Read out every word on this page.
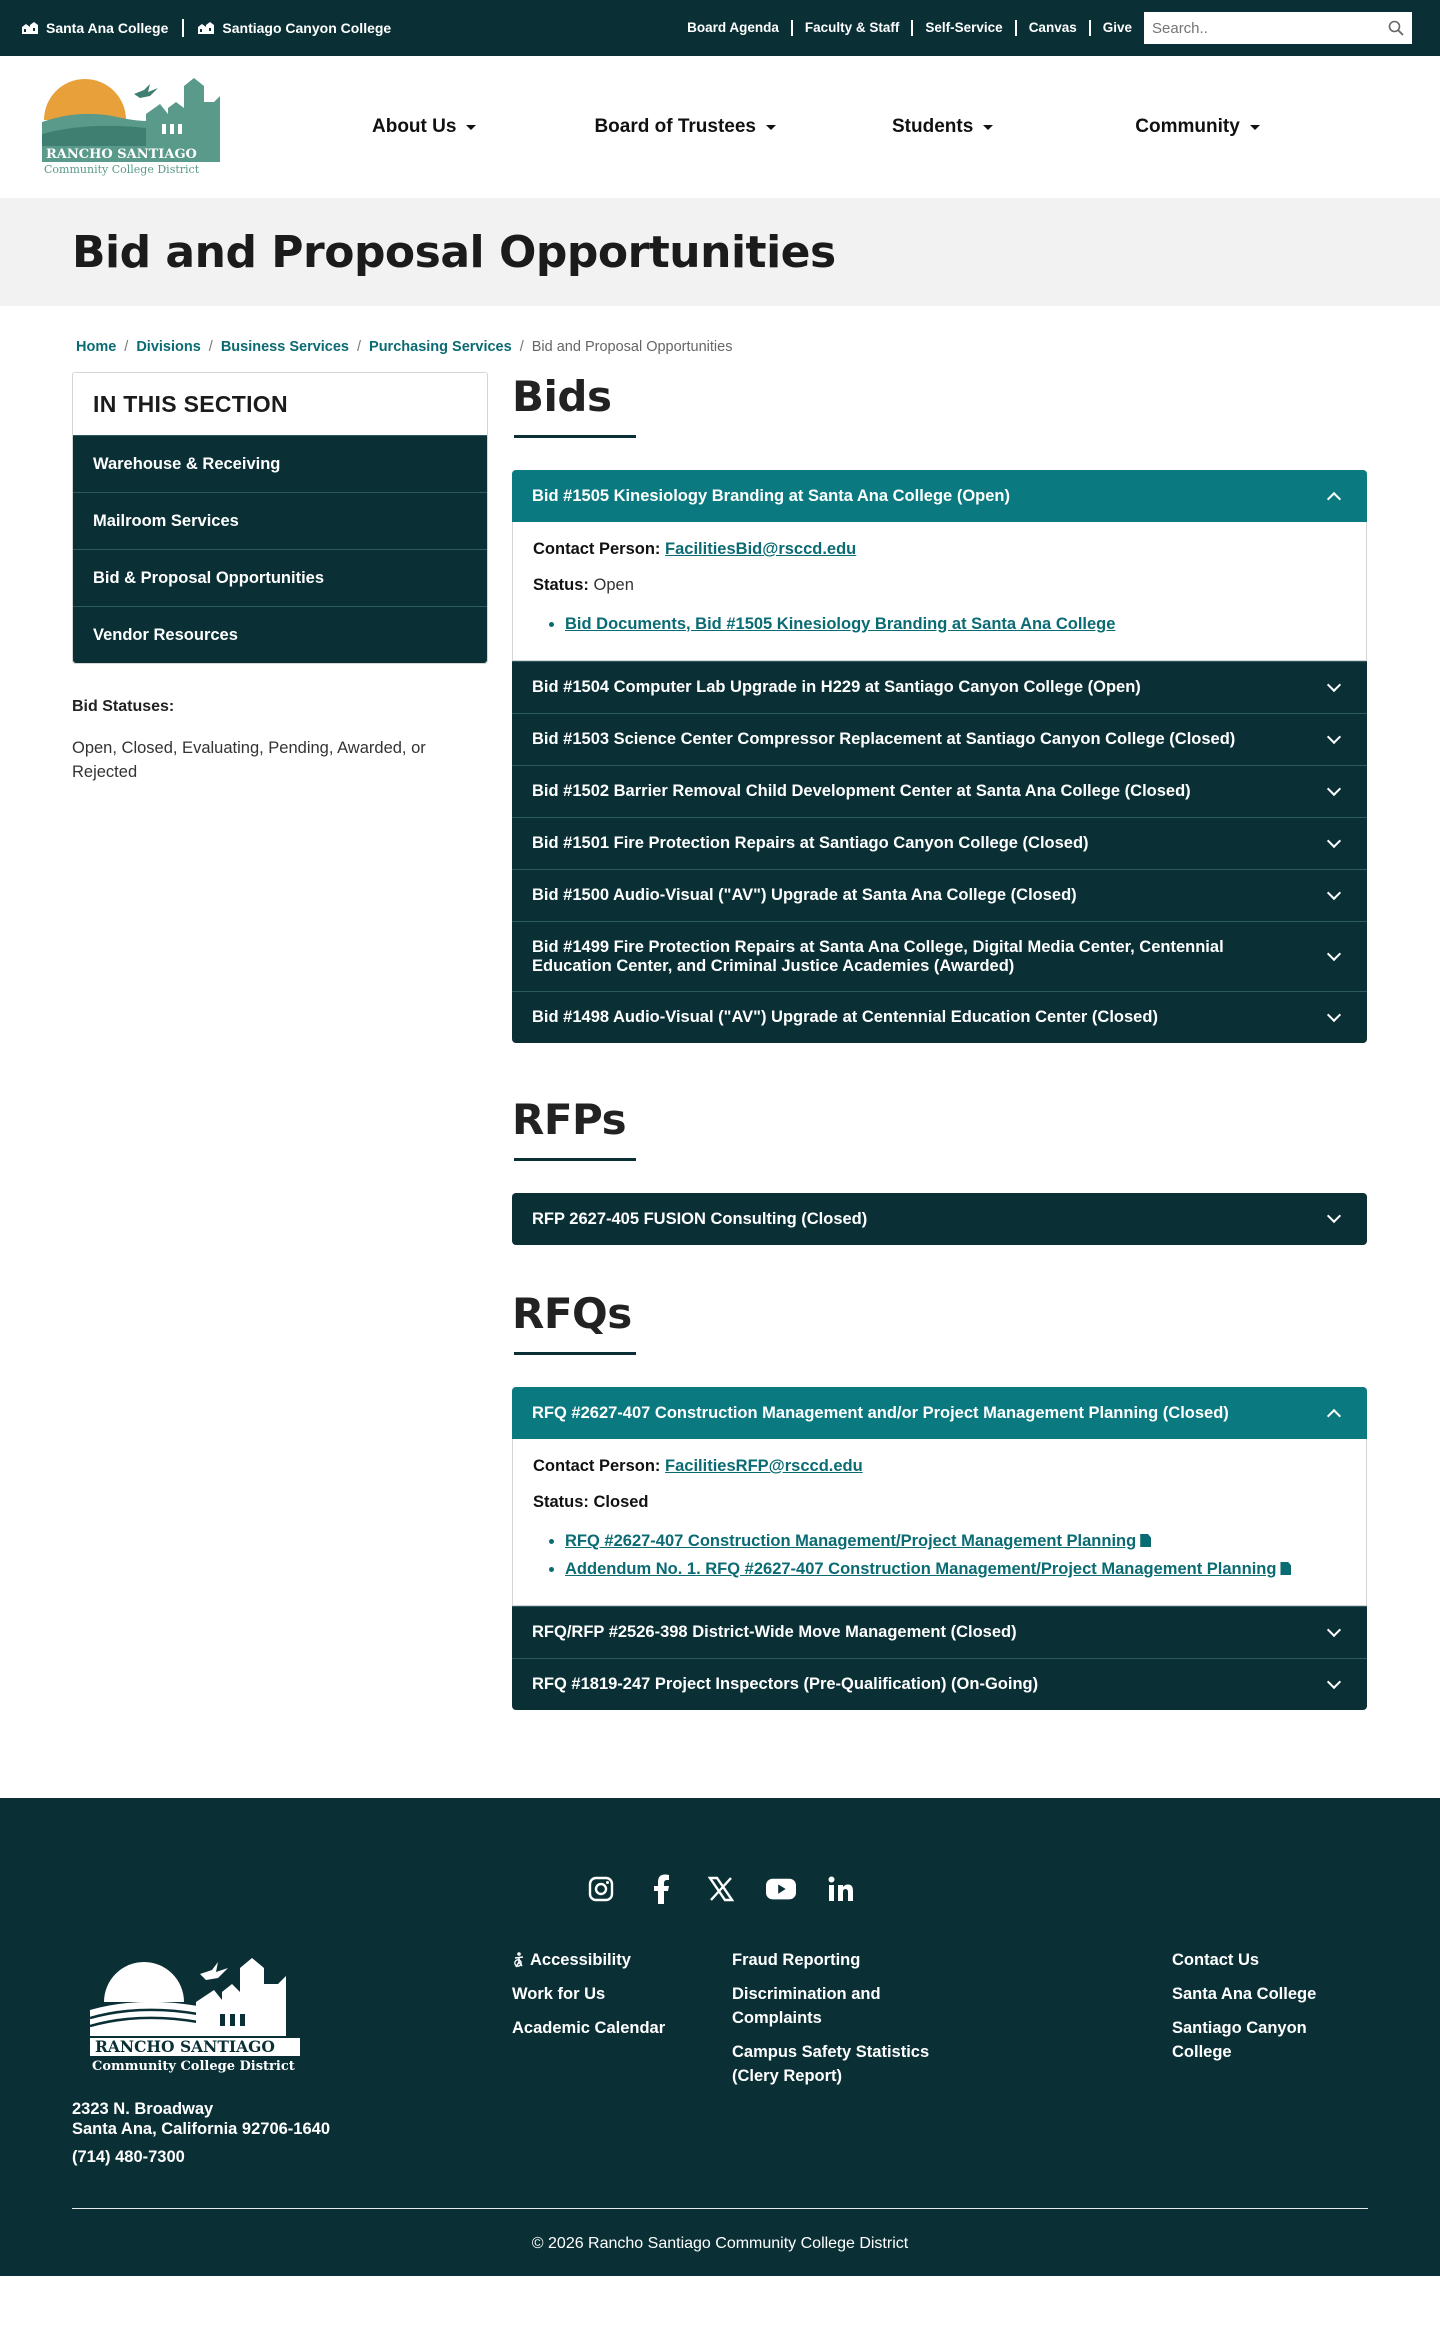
Santa Ana College	Santiago Canyon College	Board Agenda	Faculty & Staff	Self-Service	Canvas	Give
Search..
RANCHO SANTIAGO
Community College District
About Us	Board of Trustees	Students	Community
Bid and Proposal Opportunities
Home / Divisions / Business Services / Purchasing Services / Bid and Proposal Opportunities
IN THIS SECTION
Warehouse & Receiving
Mailroom Services
Bid & Proposal Opportunities
Vendor Resources
Bid Statuses:
Open, Closed, Evaluating, Pending, Awarded, or Rejected
Bids
Bid #1505 Kinesiology Branding at Santa Ana College (Open)
Contact Person: FacilitiesBid@rsccd.edu
Status: Open
• Bid Documents, Bid #1505 Kinesiology Branding at Santa Ana College
Bid #1504 Computer Lab Upgrade in H229 at Santiago Canyon College (Open)
Bid #1503 Science Center Compressor Replacement at Santiago Canyon College (Closed)
Bid #1502 Barrier Removal Child Development Center at Santa Ana College (Closed)
Bid #1501 Fire Protection Repairs at Santiago Canyon College (Closed)
Bid #1500 Audio-Visual ("AV") Upgrade at Santa Ana College (Closed)
Bid #1499 Fire Protection Repairs at Santa Ana College, Digital Media Center, Centennial Education Center, and Criminal Justice Academies (Awarded)
Bid #1498 Audio-Visual ("AV") Upgrade at Centennial Education Center (Closed)
RFPs
RFP 2627-405 FUSION Consulting (Closed)
RFQs
RFQ #2627-407 Construction Management and/or Project Management Planning (Closed)
Contact Person: FacilitiesRFP@rsccd.edu
Status: Closed
• RFQ #2627-407 Construction Management/Project Management Planning
• Addendum No. 1. RFQ #2627-407 Construction Management/Project Management Planning
RFQ/RFP #2526-398 District-Wide Move Management (Closed)
RFQ #1819-247 Project Inspectors (Pre-Qualification) (On-Going)
RANCHO SANTIAGO
Community College District
2323 N. Broadway
Santa Ana, California 92706-1640
(714) 480-7300
Accessibility
Work for Us
Academic Calendar
Fraud Reporting
Discrimination and Complaints
Campus Safety Statistics (Clery Report)
Contact Us
Santa Ana College
Santiago Canyon College
© 2026 Rancho Santiago Community College District
